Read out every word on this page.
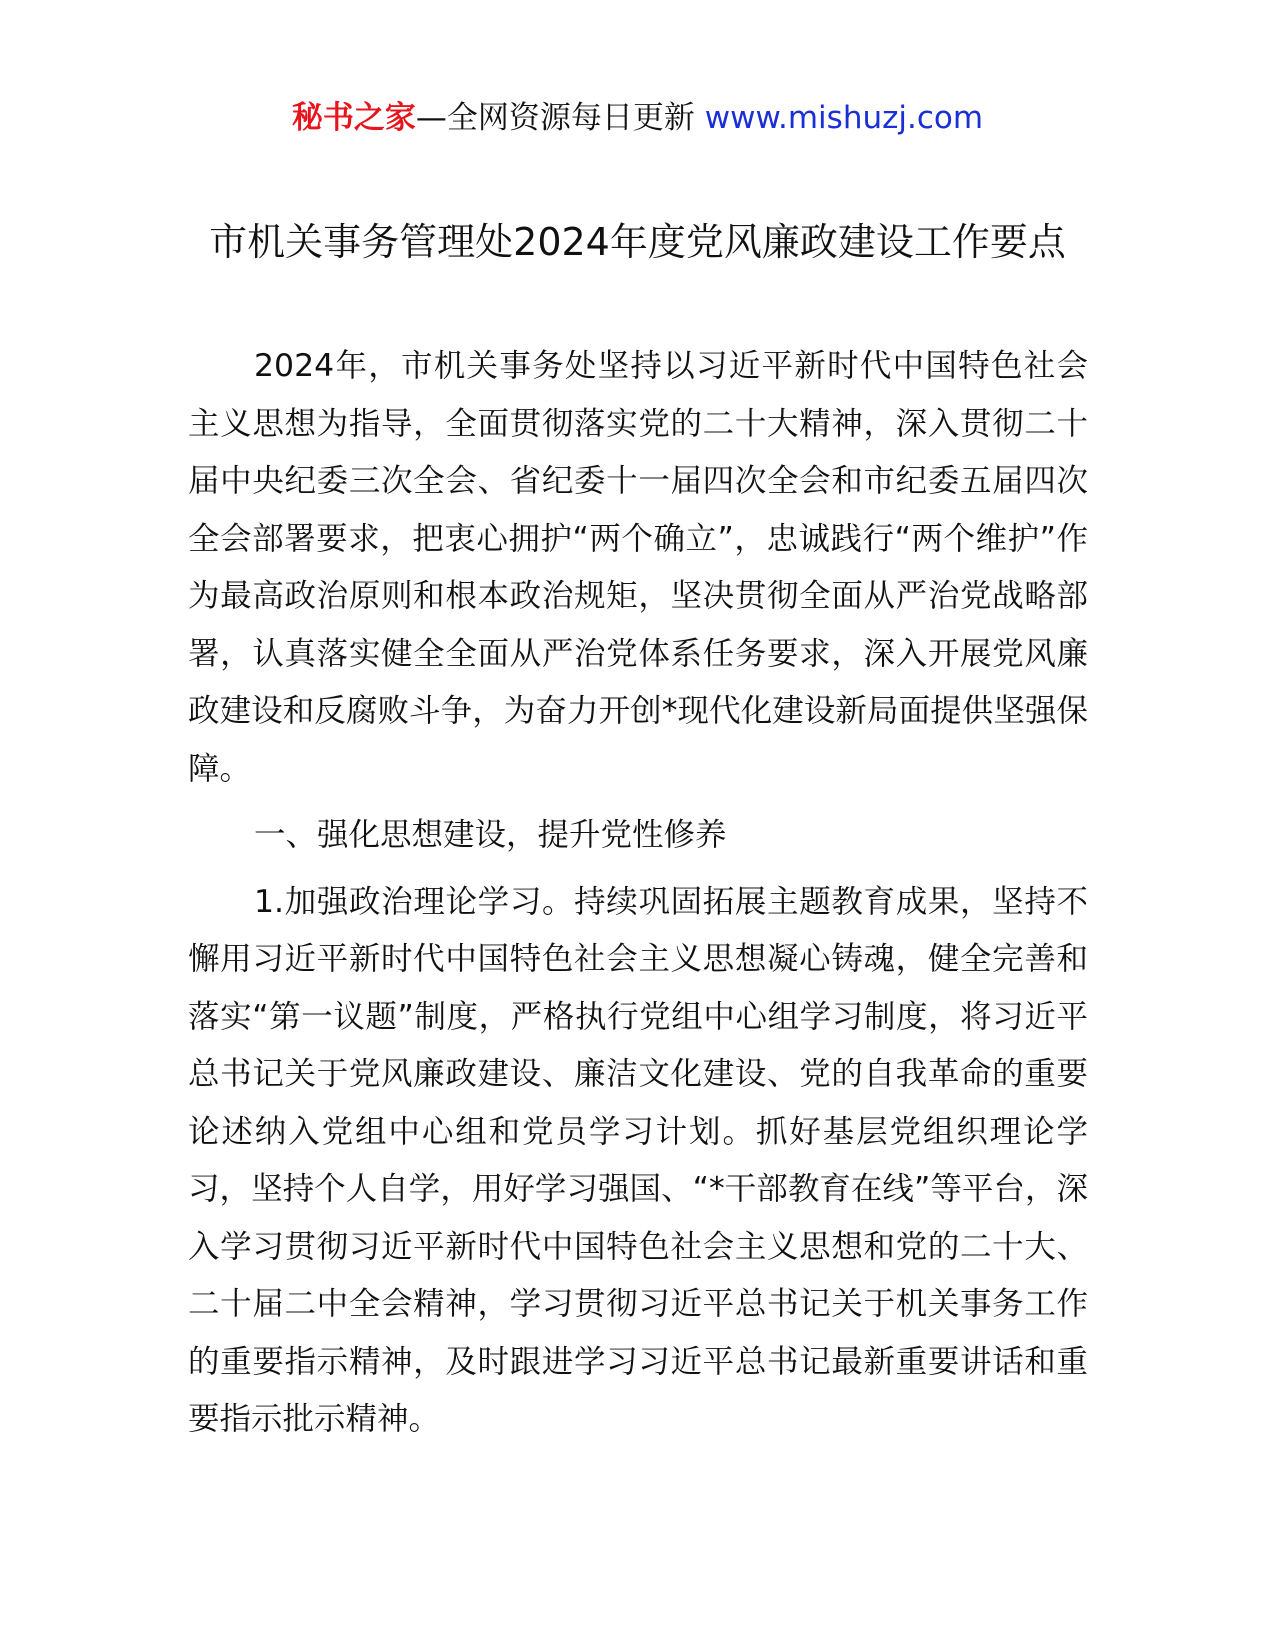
秘书之家—全网资源每日更新 www.mishuzj.com
市机关事务管理处2024年度党风廉政建设工作要点

2024年，市机关事务处坚持以习近平新时代中国特色社会主义思想为指导，全面贯彻落实党的二十大精神，深入贯彻二十届中央纪委三次全会、省纪委十一届四次全会和市纪委五届四次全会部署要求，把衷心拥护“两个确立”，忠诚践行“两个维护”作为最高政治原则和根本政治规矩，坚决贯彻全面从严治党战略部署，认真落实健全全面从严治党体系任务要求，深入开展党风廉政建设和反腐败斗争，为奋力开创*现代化建设新局面提供坚强保障。

一、强化思想建设，提升党性修养

1.加强政治理论学习。持续巩固拓展主题教育成果，坚持不懈用习近平新时代中国特色社会主义思想凝心铸魂，健全完善和落实“第一议题”制度，严格执行党组中心组学习制度，将习近平总书记关于党风廉政建设、廉洁文化建设、党的自我革命的重要论述纳入党组中心组和党员学习计划。抓好基层党组织理论学习，坚持个人自学，用好学习强国、“*干部教育在线”等平台，深入学习贯彻习近平新时代中国特色社会主义思想和党的二十大、二十届二中全会精神，学习贯彻习近平总书记关于机关事务工作的重要指示精神，及时跟进学习习近平总书记最新重要讲话和重要指示批示精神。
